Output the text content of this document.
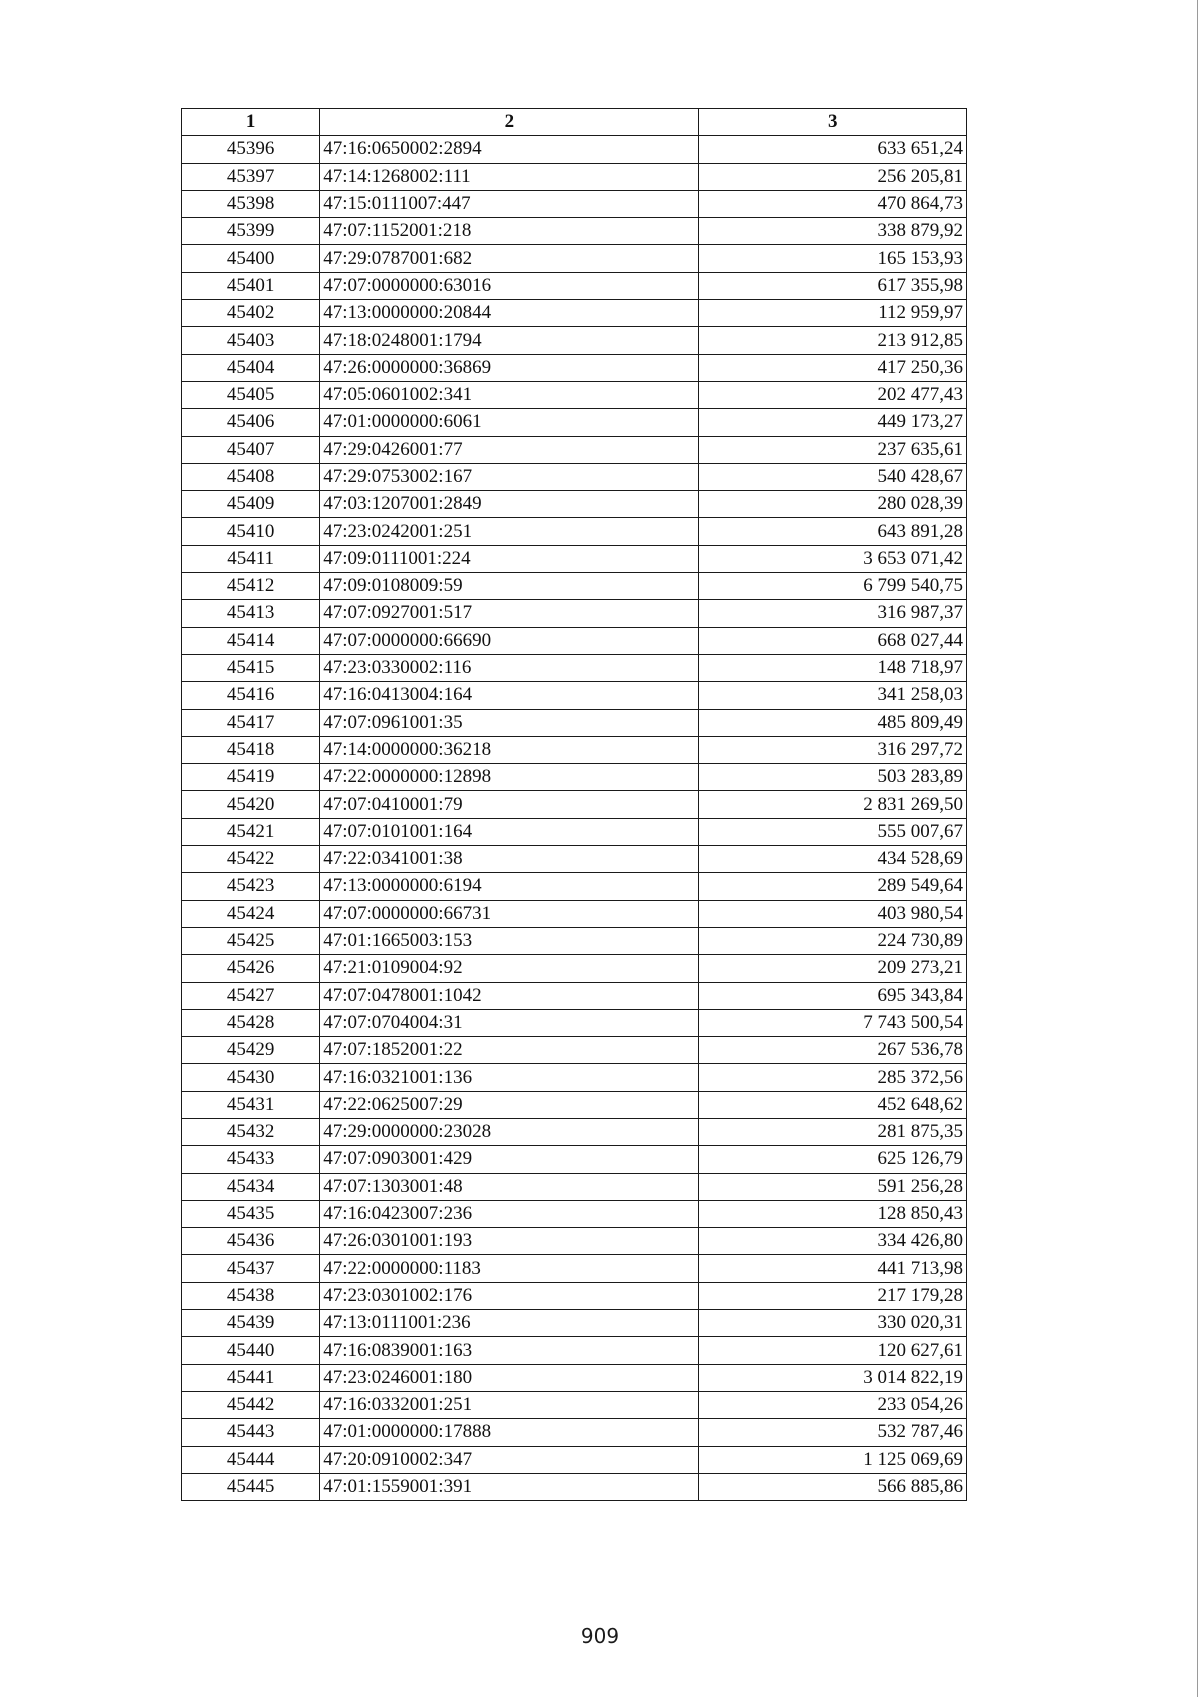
1	2	3
45396	47:16:0650002:2894	633 651,24
45397	47:14:1268002:111	256 205,81
45398	47:15:0111007:447	470 864,73
45399	47:07:1152001:218	338 879,92
45400	47:29:0787001:682	165 153,93
45401	47:07:0000000:63016	617 355,98
45402	47:13:0000000:20844	112 959,97
45403	47:18:0248001:1794	213 912,85
45404	47:26:0000000:36869	417 250,36
45405	47:05:0601002:341	202 477,43
45406	47:01:0000000:6061	449 173,27
45407	47:29:0426001:77	237 635,61
45408	47:29:0753002:167	540 428,67
45409	47:03:1207001:2849	280 028,39
45410	47:23:0242001:251	643 891,28
45411	47:09:0111001:224	3 653 071,42
45412	47:09:0108009:59	6 799 540,75
45413	47:07:0927001:517	316 987,37
45414	47:07:0000000:66690	668 027,44
45415	47:23:0330002:116	148 718,97
45416	47:16:0413004:164	341 258,03
45417	47:07:0961001:35	485 809,49
45418	47:14:0000000:36218	316 297,72
45419	47:22:0000000:12898	503 283,89
45420	47:07:0410001:79	2 831 269,50
45421	47:07:0101001:164	555 007,67
45422	47:22:0341001:38	434 528,69
45423	47:13:0000000:6194	289 549,64
45424	47:07:0000000:66731	403 980,54
45425	47:01:1665003:153	224 730,89
45426	47:21:0109004:92	209 273,21
45427	47:07:0478001:1042	695 343,84
45428	47:07:0704004:31	7 743 500,54
45429	47:07:1852001:22	267 536,78
45430	47:16:0321001:136	285 372,56
45431	47:22:0625007:29	452 648,62
45432	47:29:0000000:23028	281 875,35
45433	47:07:0903001:429	625 126,79
45434	47:07:1303001:48	591 256,28
45435	47:16:0423007:236	128 850,43
45436	47:26:0301001:193	334 426,80
45437	47:22:0000000:1183	441 713,98
45438	47:23:0301002:176	217 179,28
45439	47:13:0111001:236	330 020,31
45440	47:16:0839001:163	120 627,61
45441	47:23:0246001:180	3 014 822,19
45442	47:16:0332001:251	233 054,26
45443	47:01:0000000:17888	532 787,46
45444	47:20:0910002:347	1 125 069,69
45445	47:01:1559001:391	566 885,86
909
